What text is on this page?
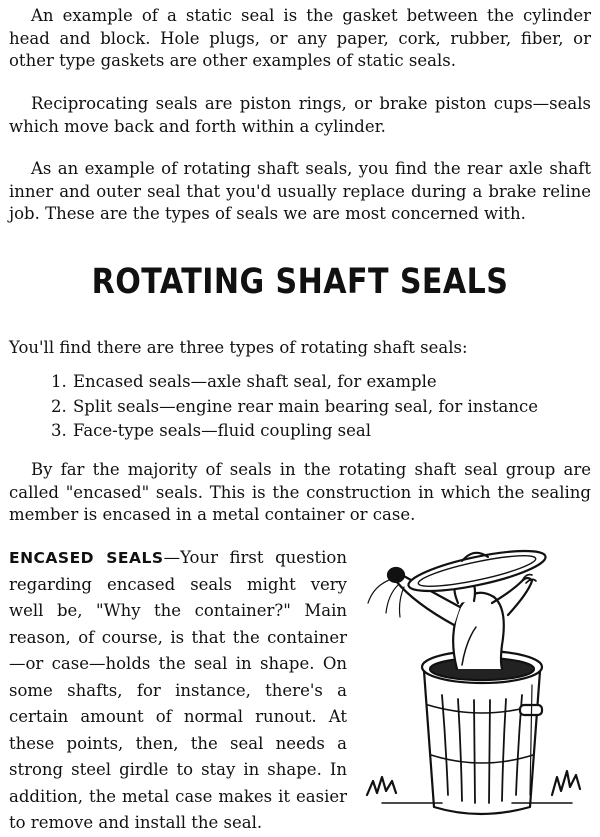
An example of a static seal is the gasket between the cylinder head and block. Hole plugs, or any paper, cork, rubber, fiber, or other type gaskets are other examples of static seals.

Reciprocating seals are piston rings, or brake piston cups—seals which move back and forth within a cylinder.

As an example of rotating shaft seals, you find the rear axle shaft inner and outer seal that you'd usually replace during a brake reline job. These are the types of seals we are most concerned with.

ROTATING SHAFT SEALS

You'll find there are three types of rotating shaft seals:

1. Encased seals—axle shaft seal, for example
2. Split seals—engine rear main bearing seal, for instance
3. Face-type seals—fluid coupling seal

By far the majority of seals in the rotating shaft seal group are called "encased" seals. This is the construction in which the sealing member is encased in a metal container or case.

ENCASED SEALS—Your first question regarding encased seals might very well be, "Why the container?" Main reason, of course, is that the container—or case—holds the seal in shape. On some shafts, for instance, there's a certain amount of normal runout. At these points, then, the seal needs a strong steel girdle to stay in shape. In addition, the metal case makes it easier to remove and install the seal.
